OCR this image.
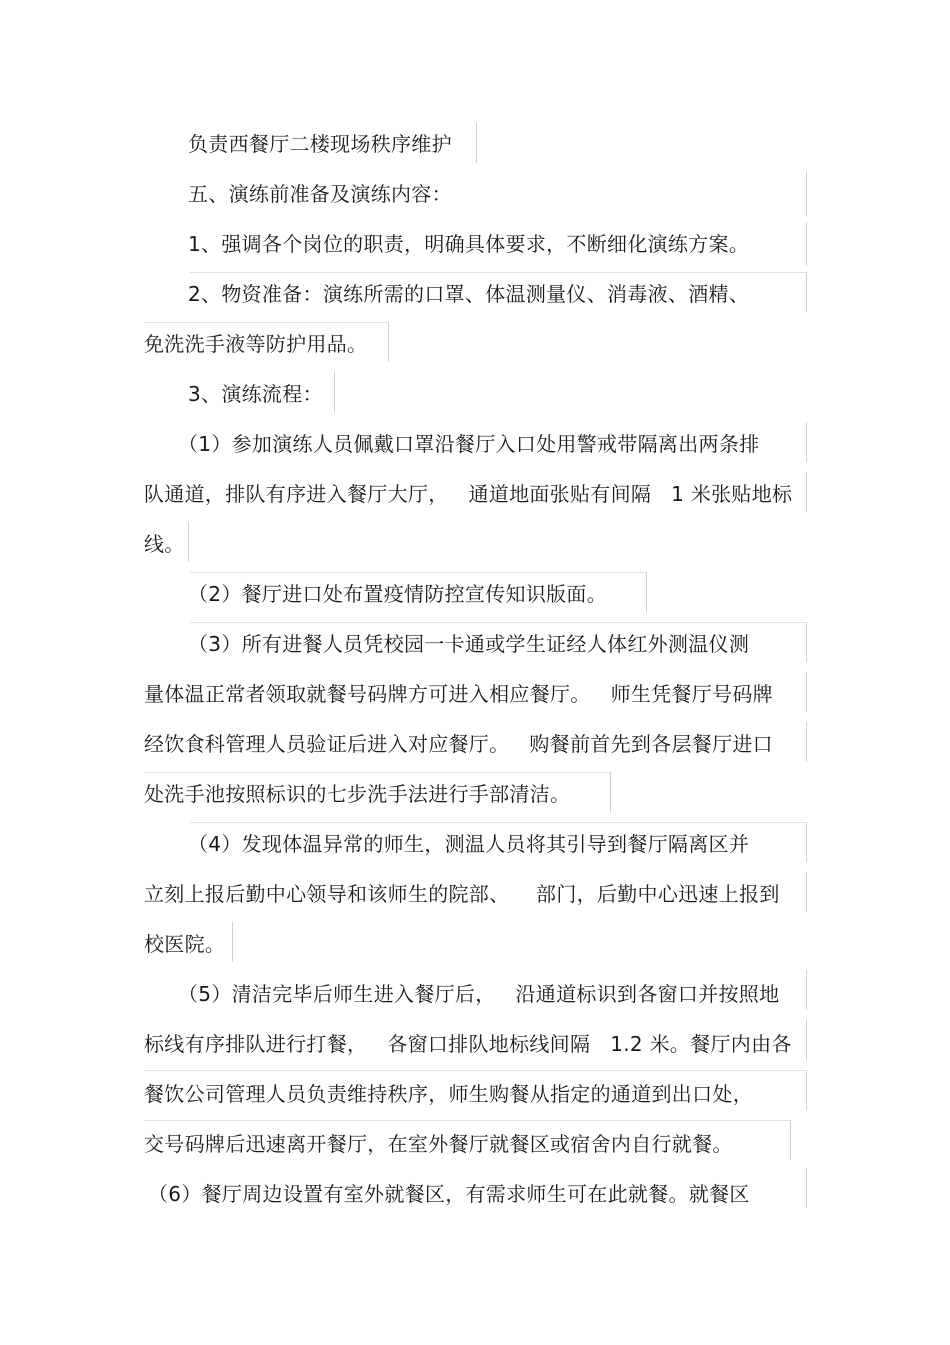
负责西餐厅二楼现场秩序维护
五、演练前准备及演练内容：
1、强调各个岗位的职责，明确具体要求，不断细化演练方案。
2、物资准备：演练所需的口罩、体温测量仪、消毒液、酒精、
免洗洗手液等防护用品。
3、演练流程：
（1）参加演练人员佩戴口罩沿餐厅入口处用警戒带隔离出两条排
队通道，排队有序进入餐厅大厅，   通道地面张贴有间隔   1 米张贴地标
线。
（2）餐厅进口处布置疫情防控宣传知识版面。
（3）所有进餐人员凭校园一卡通或学生证经人体红外测温仪测
量体温正常者领取就餐号码牌方可进入相应餐厅。   师生凭餐厅号码牌
经饮食科管理人员验证后进入对应餐厅。   购餐前首先到各层餐厅进口
处洗手池按照标识的七步洗手法进行手部清洁。
（4）发现体温异常的师生，测温人员将其引导到餐厅隔离区并
立刻上报后勤中心领导和该师生的院部、    部门，后勤中心迅速上报到
校医院。
（5）清洁完毕后师生进入餐厅后，   沿通道标识到各窗口并按照地
标线有序排队进行打餐，   各窗口排队地标线间隔   1.2 米。餐厅内由各
餐饮公司管理人员负责维持秩序，师生购餐从指定的通道到出口处，
交号码牌后迅速离开餐厅，在室外餐厅就餐区或宿舍内自行就餐。
（6）餐厅周边设置有室外就餐区，有需求师生可在此就餐。就餐区
